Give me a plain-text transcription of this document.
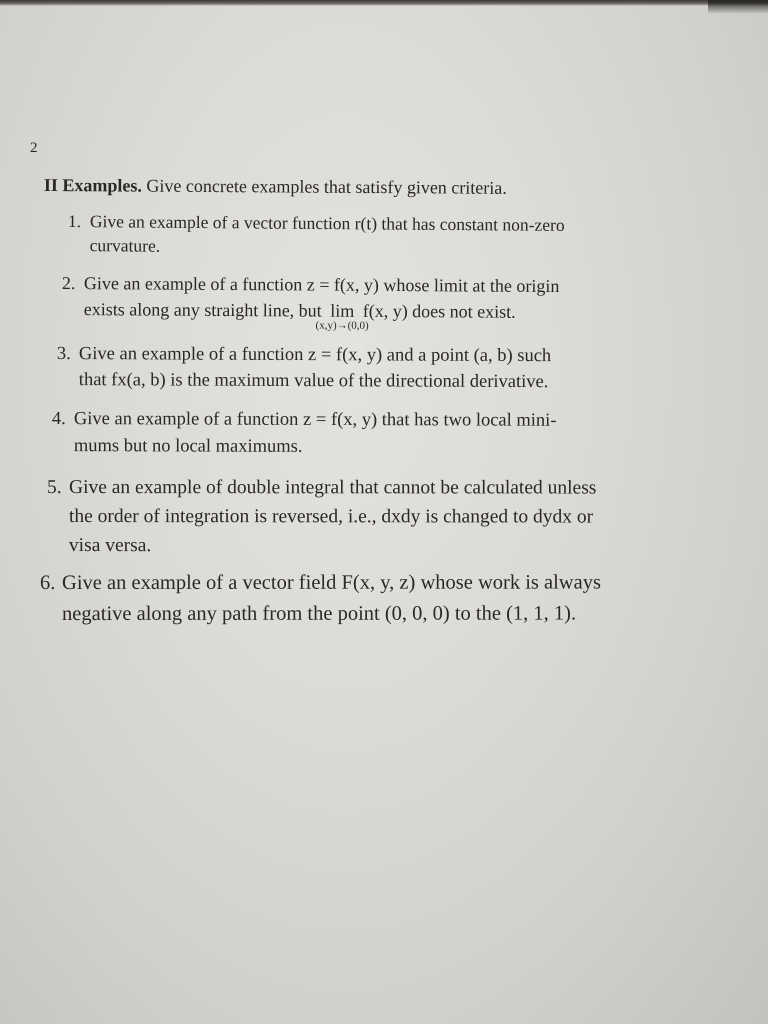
2
II Examples. Give concrete examples that satisfy given criteria.
1. Give an example of a vector function r(t) that has constant non-zero
curvature.
2. Give an example of a function z = f(x, y) whose limit at the origin
exists along any straight line, but lim
(x,y)→(0,0)
f(x, y) does not exist.
3. Give an example of a function z = f(x, y) and a point (a, b) such
that fx(a, b) is the maximum value of the directional derivative.
4. Give an example of a function z = f(x, y) that has two local mini-
mums but no local maximums.
5. Give an example of double integral that cannot be calculated unless
the order of integration is reversed, i.e., dxdy is changed to dydx or
visa versa.
6. Give an example of a vector field F(x, y, z) whose work is always
negative along any path from the point (0, 0, 0) to the (1, 1, 1).
